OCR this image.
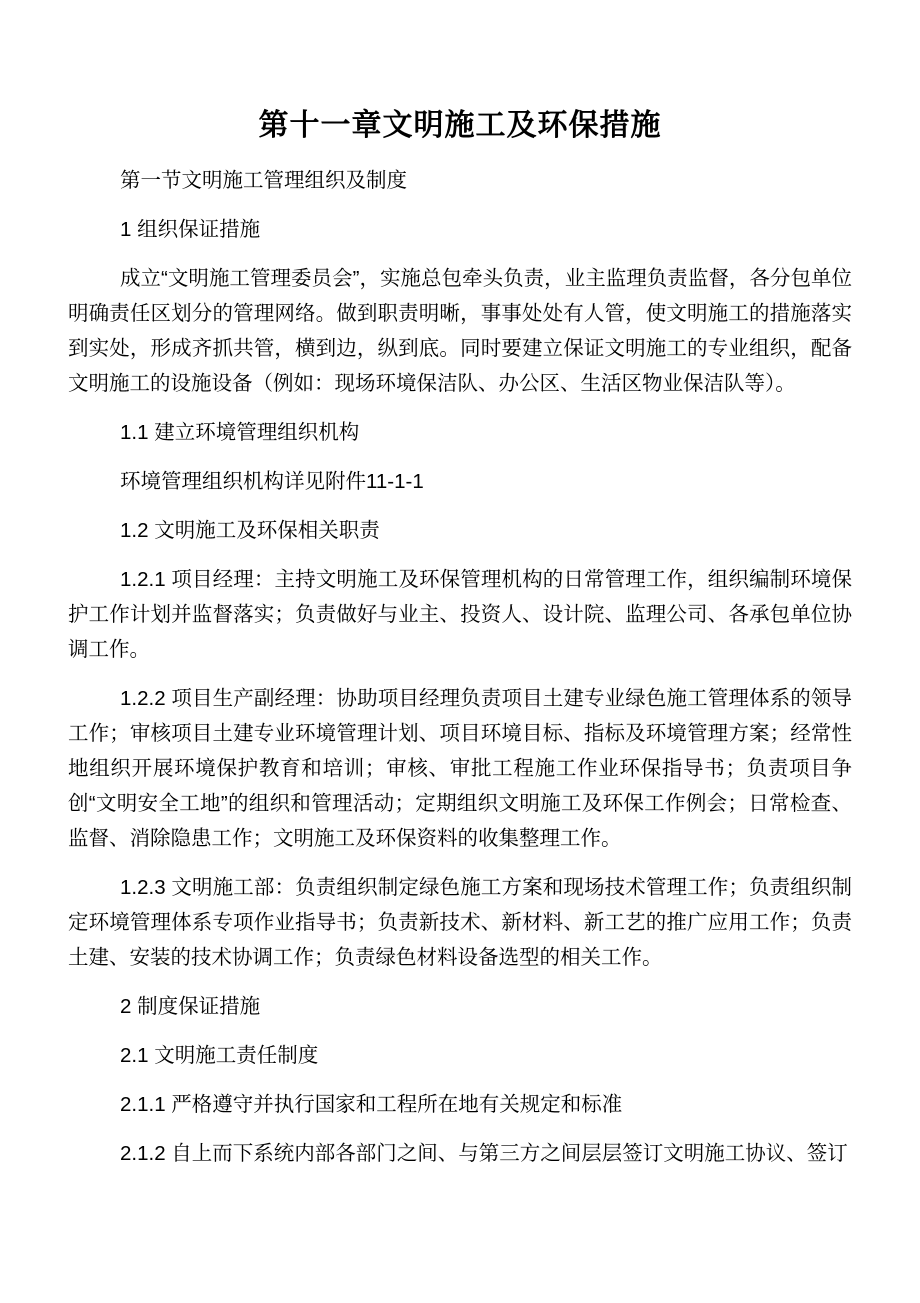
第十一章文明施工及环保措施

第一节文明施工管理组织及制度

1 组织保证措施

成立“文明施工管理委员会”，实施总包牵头负责，业主监理负责监督，各分包单位明确责任区划分的管理网络。做到职责明晰，事事处处有人管，使文明施工的措施落实到实处，形成齐抓共管，横到边，纵到底。同时要建立保证文明施工的专业组织，配备文明施工的设施设备（例如：现场环境保洁队、办公区、生活区物业保洁队等）。

1.1 建立环境管理组织机构

环境管理组织机构详见附件11-1-1

1.2 文明施工及环保相关职责

1.2.1 项目经理：主持文明施工及环保管理机构的日常管理工作，组织编制环境保护工作计划并监督落实；负责做好与业主、投资人、设计院、监理公司、各承包单位协调工作。

1.2.2 项目生产副经理：协助项目经理负责项目土建专业绿色施工管理体系的领导工作；审核项目土建专业环境管理计划、项目环境目标、指标及环境管理方案；经常性地组织开展环境保护教育和培训；审核、审批工程施工作业环保指导书；负责项目争创“文明安全工地”的组织和管理活动；定期组织文明施工及环保工作例会；日常检查、监督、消除隐患工作；文明施工及环保资料的收集整理工作。

1.2.3 文明施工部：负责组织制定绿色施工方案和现场技术管理工作；负责组织制定环境管理体系专项作业指导书；负责新技术、新材料、新工艺的推广应用工作；负责土建、安装的技术协调工作；负责绿色材料设备选型的相关工作。

2 制度保证措施

2.1 文明施工责任制度

2.1.1 严格遵守并执行国家和工程所在地有关规定和标准

2.1.2 自上而下系统内部各部门之间、与第三方之间层层签订文明施工协议、签订
